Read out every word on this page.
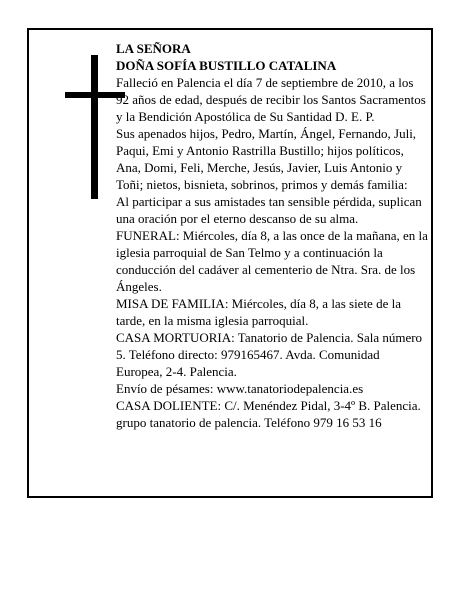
LA SEÑORA

DOÑA SOFÍA BUSTILLO CATALINA

Falleció en Palencia el día 7 de septiembre de 2010, a los 92 años de edad, después de recibir los Santos Sacramentos y la Bendición Apostólica de Su Santidad D. E. P.

Sus apenados hijos, Pedro, Martín, Ángel, Fernando, Juli, Paqui, Emi y Antonio Rastrilla Bustillo; hijos políticos, Ana, Domi, Feli, Merche, Jesús, Javier, Luis Antonio y Toñi; nietos, bisnieta, sobrinos, primos y demás familia:

Al participar a sus amistades tan sensible pérdida, suplican una oración por el eterno descanso de su alma.

FUNERAL: Miércoles, día 8, a las once de la mañana, en la iglesia parroquial de San Telmo y a continuación la conducción del cadáver al cementerio de Ntra. Sra. de los Ángeles.

MISA DE FAMILIA: Miércoles, día 8, a las siete de la tarde, en la misma iglesia parroquial.

CASA MORTUORIA: Tanatorio de Palencia. Sala número 5. Teléfono directo: 979165467. Avda. Comunidad Europea, 2-4. Palencia.

Envío de pésames: www.tanatoriodepalencia.es

CASA DOLIENTE: C/. Menéndez Pidal, 3-4º B. Palencia.

grupo tanatorio de palencia. Teléfono 979 16 53 16
